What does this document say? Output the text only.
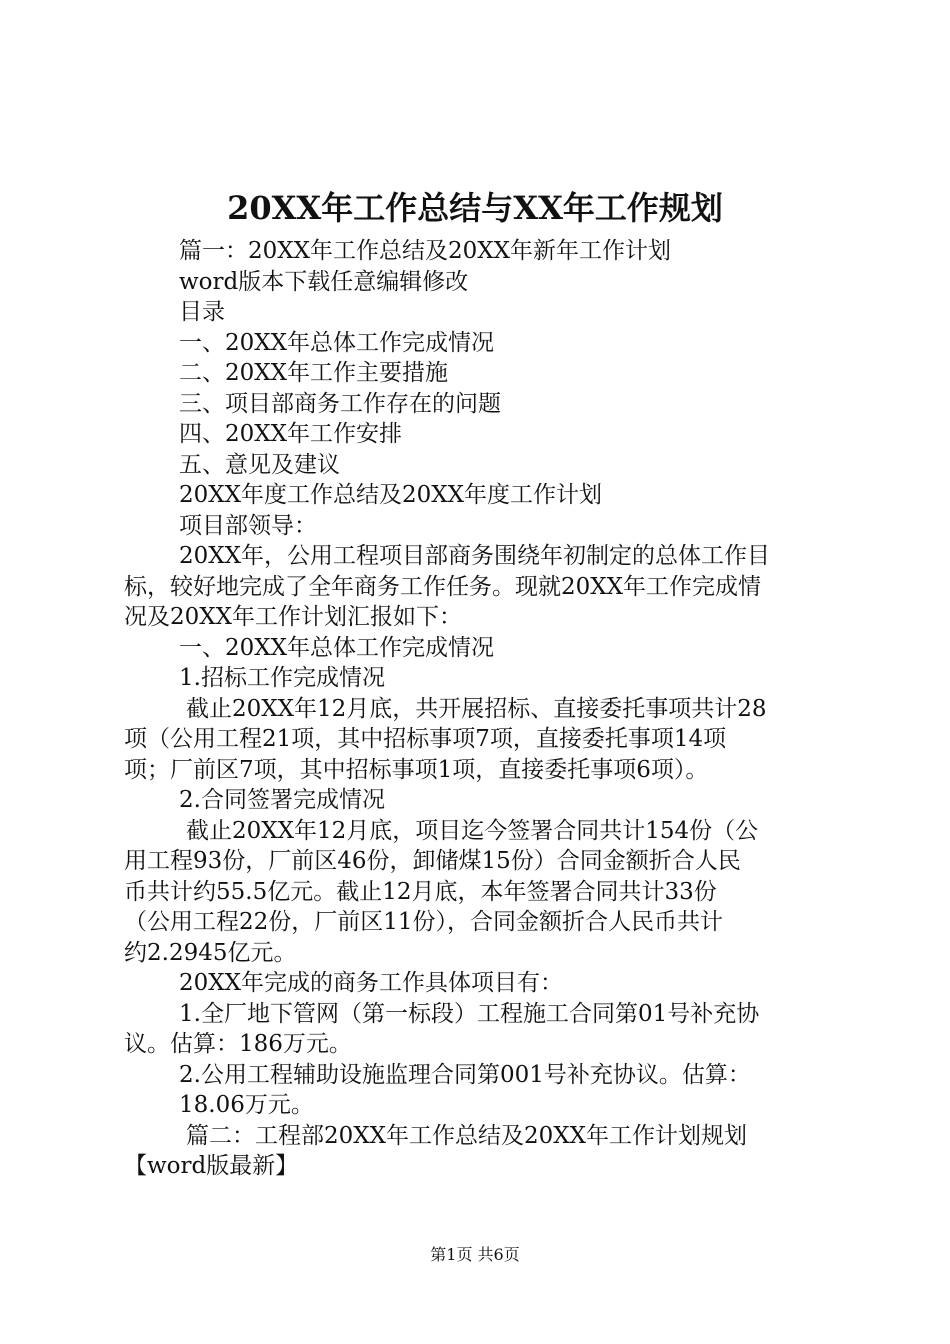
20XX年工作总结与XX年工作规划

篇一：20XX年工作总结及20XX年新年工作计划

word版本下载任意编辑修改

目录

一、20XX年总体工作完成情况

二、20XX年工作主要措施

三、项目部商务工作存在的问题

四、20XX年工作安排

五、意见及建议

20XX年度工作总结及20XX年度工作计划

项目部领导：

20XX年，公用工程项目部商务围绕年初制定的总体工作目

标，较好地完成了全年商务工作任务。现就20XX年工作完成情

况及20XX年工作计划汇报如下：

一、20XX年总体工作完成情况

1.招标工作完成情况

截止20XX年12月底，共开展招标、直接委托事项共计28

项（公用工程21项，其中招标事项7项，直接委托事项14项

项；厂前区7项，其中招标事项1项，直接委托事项6项）。

2.合同签署完成情况

截止20XX年12月底，项目迄今签署合同共计154份（公

用工程93份，厂前区46份，卸储煤15份）合同金额折合人民

币共计约55.5亿元。截止12月底，本年签署合同共计33份

（公用工程22份，厂前区11份），合同金额折合人民币共计

约2.2945亿元。

20XX年完成的商务工作具体项目有：

1.全厂地下管网（第一标段）工程施工合同第01号补充协

议。估算：186万元。

2.公用工程辅助设施监理合同第001号补充协议。估算：

18.06万元。

篇二：工程部20XX年工作总结及20XX年工作计划规划

【word版最新】

第1页 共6页
